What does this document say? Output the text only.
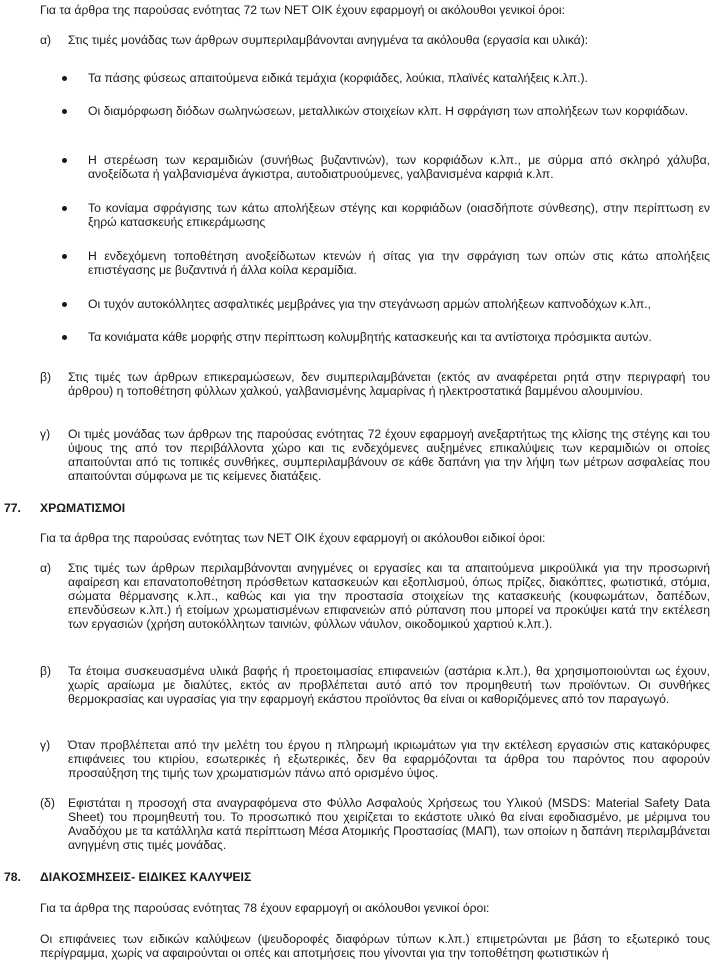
Για τα άρθρα της παρούσας ενότητας 72 των ΝΕΤ ΟΙΚ έχουν εφαρμογή οι ακόλουθοι γενικοί όροι:
α) Στις τιμές μονάδας των άρθρων συμπεριλαμβάνονται ανηγμένα τα ακόλουθα (εργασία και υλικά):
Τα πάσης φύσεως απαιτούμενα ειδικά τεμάχια (κορφιάδες, λούκια, πλαϊνές καταλήξεις κ.λπ.).
Οι διαμόρφωση διόδων σωληνώσεων, μεταλλικών στοιχείων κλπ. Η σφράγιση των απολήξεων των κορφιάδων.
Η στερέωση των κεραμιδιών (συνήθως βυζαντινών), των κορφιάδων κ.λπ., με σύρμα από σκληρό χάλυβα, ανοξείδωτα ή γαλβανισμένα άγκιστρα, αυτοδιατρυούμενες, γαλβανισμένα καρφιά κ.λπ.
Το κονίαμα σφράγισης των κάτω απολήξεων στέγης και κορφιάδων (οιασδήποτε σύνθεσης), στην περίπτωση εν ξηρώ κατασκευής επικεράμωσης
Η ενδεχόμενη τοποθέτηση ανοξείδωτων κτενών ή σίτας για την σφράγιση των οπών στις κάτω απολήξεις επιστέγασης με βυζαντινά ή άλλα κοίλα κεραμίδια.
Οι τυχόν αυτοκόλλητες ασφαλτικές μεμβράνες για την στεγάνωση αρμών απολήξεων καπνοδόχων κ.λπ.,
Τα κονιάματα κάθε μορφής στην περίπτωση κολυμβητής κατασκευής και τα αντίστοιχα πρόσμικτα αυτών.
β) Στις τιμές των άρθρων επικεραμώσεων, δεν συμπεριλαμβάνεται (εκτός αν αναφέρεται ρητά στην περιγραφή του άρθρου) η τοποθέτηση φύλλων χαλκού, γαλβανισμένης λαμαρίνας ή ηλεκτροστατικά βαμμένου αλουμινίου.
γ) Οι τιμές μονάδας των άρθρων της παρούσας ενότητας 72 έχουν εφαρμογή ανεξαρτήτως της κλίσης της στέγης και του ύψους της από τον περιβάλλοντα χώρο και τις ενδεχόμενες αυξημένες επικαλύψεις των κεραμιδιών οι οποίες απαιτούνται από τις τοπικές συνθήκες, συμπεριλαμβάνουν σε κάθε δαπάνη για την λήψη των μέτρων ασφαλείας που απαιτούνται σύμφωνα με τις κείμενες διατάξεις.
77. ΧΡΩΜΑΤΙΣΜΟΙ
Για τα άρθρα της παρούσας ενότητας των ΝΕΤ ΟΙΚ έχουν εφαρμογή οι ακόλουθοι ειδικοί όροι:
α) Στις τιμές των άρθρων περιλαμβάνονται ανηγμένες οι εργασίες και τα απαιτούμενα μικροϋλικά για την προσωρινή αφαίρεση και επανατοποθέτηση πρόσθετων κατασκευών και εξοπλισμού, όπως πρίζες, διακόπτες, φωτιστικά, στόμια, σώματα θέρμανσης κ.λπ., καθώς και για την προστασία στοιχείων της κατασκευής (κουφωμάτων, δαπέδων, επενδύσεων κ.λπ.) ή ετοίμων χρωματισμένων επιφανειών από ρύπανση που μπορεί να προκύψει κατά την εκτέλεση των εργασιών (χρήση αυτοκόλλητων ταινιών, φύλλων νάυλον, οικοδομικού χαρτιού κ.λπ.).
β) Τα έτοιμα συσκευασμένα υλικά βαφής ή προετοιμασίας επιφανειών (αστάρια κ.λπ.), θα χρησιμοποιούνται ως έχουν, χωρίς αραίωμα με διαλύτες, εκτός αν προβλέπεται αυτό από τον προμηθευτή των προϊόντων. Οι συνθήκες θερμοκρασίας και υγρασίας για την εφαρμογή εκάστου προϊόντος θα είναι οι καθοριζόμενες από τον παραγωγό.
γ) Όταν προβλέπεται από την μελέτη του έργου η πληρωμή ικριωμάτων για την εκτέλεση εργασιών στις κατακόρυφες επιφάνειες του κτιρίου, εσωτερικές ή εξωτερικές, δεν θα εφαρμόζονται τα άρθρα του παρόντος που αφορούν προσαύξηση της τιμής των χρωματισμών πάνω από ορισμένο ύψος.
(δ) Εφιστάται η προσοχή στα αναγραφόμενα στο Φύλλο Ασφαλούς Χρήσεως του Υλικού (MSDS: Material Safety Data Sheet) του προμηθευτή του. Το προσωπικό που χειρίζεται το εκάστοτε υλικό θα είναι εφοδιασμένο, με μέριμνα του Αναδόχου με τα κατάλληλα κατά περίπτωση Μέσα Ατομικής Προστασίας (ΜΑΠ), των οποίων η δαπάνη περιλαμβάνεται ανηγμένη στις τιμές μονάδας.
78. ΔΙΑΚΟΣΜΗΣΕΙΣ- ΕΙΔΙΚΕΣ ΚΑΛΥΨΕΙΣ
Για τα άρθρα της παρούσας ενότητας 78 έχουν εφαρμογή οι ακόλουθοι γενικοί όροι:
Οι επιφάνειες των ειδικών καλύψεων (ψευδοροφές διαφόρων τύπων κ.λπ.) επιμετρώνται με βάση το εξωτερικό τους περίγραμμα, χωρίς να αφαιρούνται οι οπές και αποτμήσεις που γίνονται για την τοποθέτηση φωτιστικών ή
